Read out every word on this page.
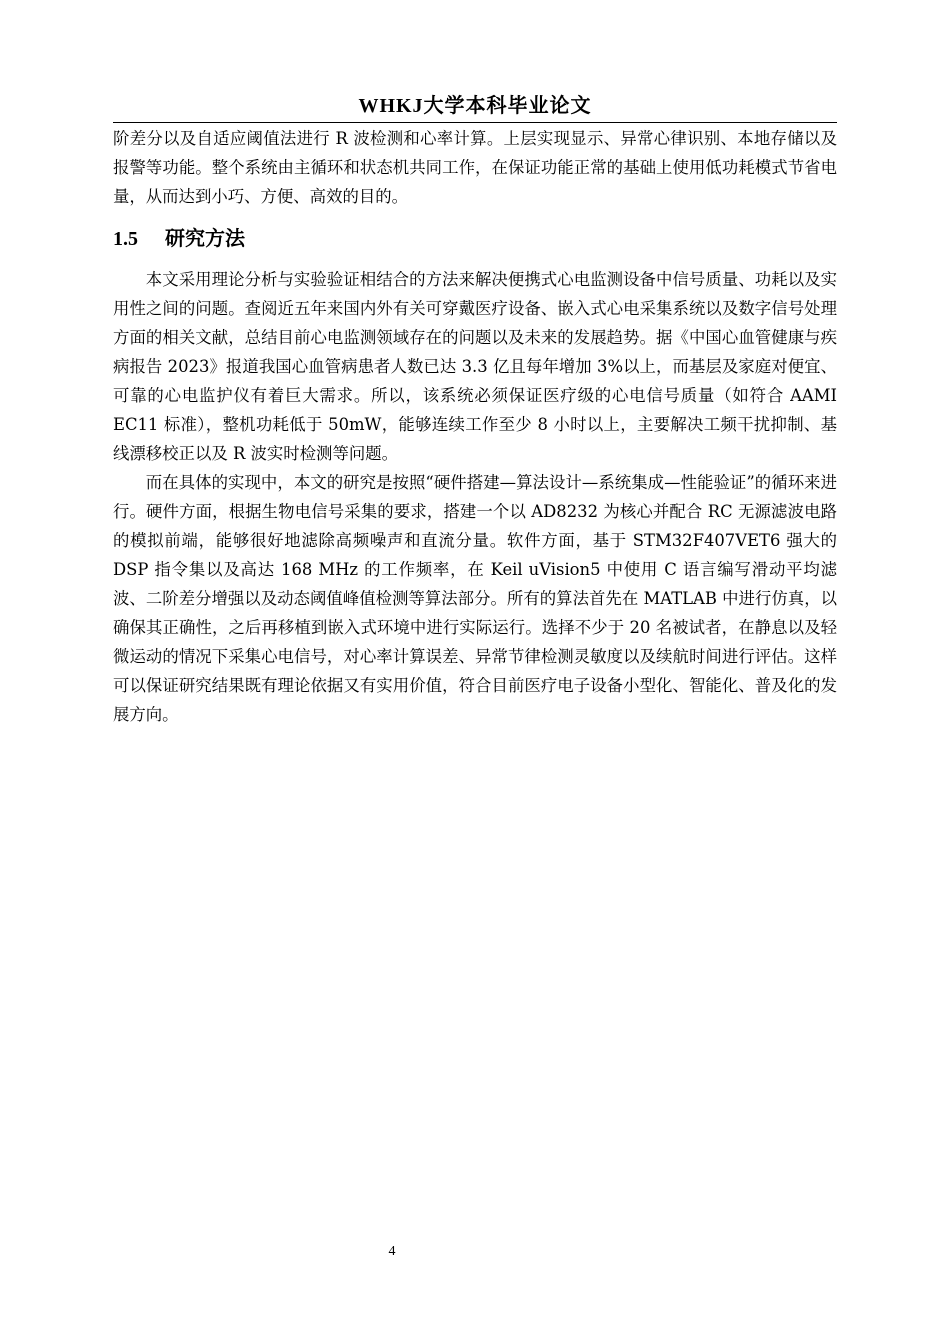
WHKJ大学本科毕业论文

阶差分以及自适应阈值法进行 R 波检测和心率计算。上层实现显示、异常心律识别、本地存储以及报警等功能。整个系统由主循环和状态机共同工作，在保证功能正常的基础上使用低功耗模式节省电量，从而达到小巧、方便、高效的目的。

1.5 研究方法

本文采用理论分析与实验验证相结合的方法来解决便携式心电监测设备中信号质量、功耗以及实用性之间的问题。查阅近五年来国内外有关可穿戴医疗设备、嵌入式心电采集系统以及数字信号处理方面的相关文献，总结目前心电监测领域存在的问题以及未来的发展趋势。据《中国心血管健康与疾病报告 2023》报道我国心血管病患者人数已达 3.3 亿且每年增加 3%以上，而基层及家庭对便宜、可靠的心电监护仪有着巨大需求。所以，该系统必须保证医疗级的心电信号质量（如符合 AAMI EC11 标准），整机功耗低于 50mW，能够连续工作至少 8 小时以上，主要解决工频干扰抑制、基线漂移校正以及 R 波实时检测等问题。

而在具体的实现中，本文的研究是按照“硬件搭建—算法设计—系统集成—性能验证”的循环来进行。硬件方面，根据生物电信号采集的要求，搭建一个以 AD8232 为核心并配合 RC 无源滤波电路的模拟前端，能够很好地滤除高频噪声和直流分量。软件方面，基于 STM32F407VET6 强大的 DSP 指令集以及高达 168 MHz 的工作频率，在 Keil uVision5 中使用 C 语言编写滑动平均滤波、二阶差分增强以及动态阈值峰值检测等算法部分。所有的算法首先在 MATLAB 中进行仿真，以确保其正确性，之后再移植到嵌入式环境中进行实际运行。选择不少于 20 名被试者，在静息以及轻微运动的情况下采集心电信号，对心率计算误差、异常节律检测灵敏度以及续航时间进行评估。这样可以保证研究结果既有理论依据又有实用价值，符合目前医疗电子设备小型化、智能化、普及化的发展方向。

4
